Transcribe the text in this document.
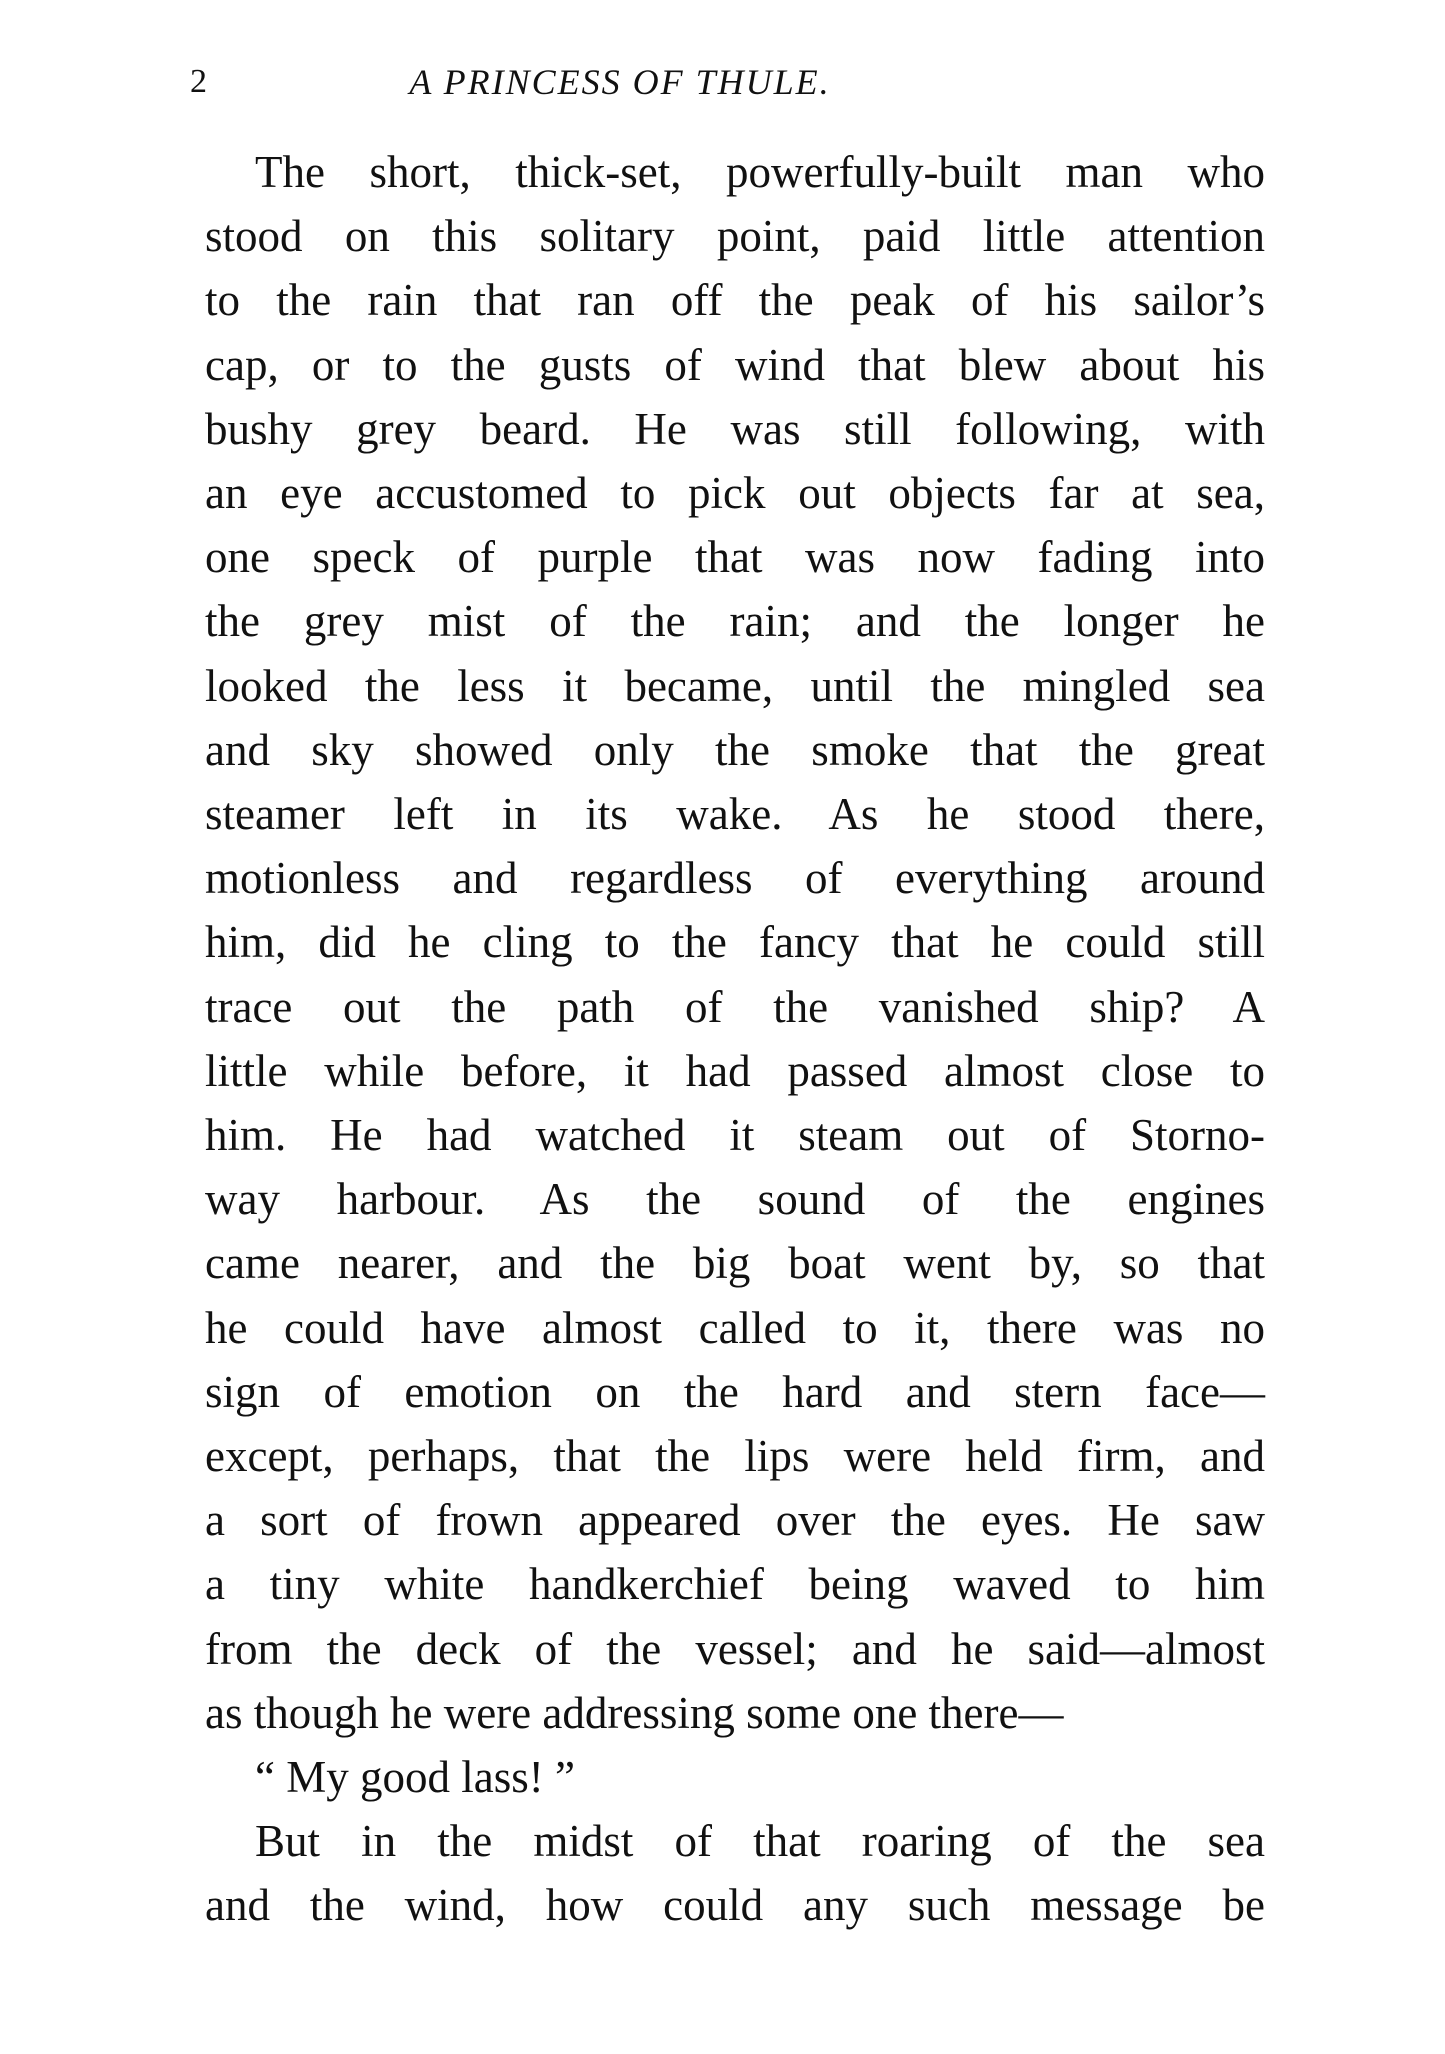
2	A PRINCESS OF THULE.
The short, thick-set, powerfully-built man who
stood on this solitary point, paid little attention
to the rain that ran off the peak of his sailor’s
cap, or to the gusts of wind that blew about his
bushy grey beard. He was still following, with
an eye accustomed to pick out objects far at sea,
one speck of purple that was now fading into
the grey mist of the rain; and the longer he
looked the less it became, until the mingled sea
and sky showed only the smoke that the great
steamer left in its wake. As he stood there,
motionless and regardless of everything around
him, did he cling to the fancy that he could still
trace out the path of the vanished ship? A
little while before, it had passed almost close to
him. He had watched it steam out of Storno-
way harbour. As the sound of the engines
came nearer, and the big boat went by, so that
he could have almost called to it, there was no
sign of emotion on the hard and stern face—
except, perhaps, that the lips were held firm, and
a sort of frown appeared over the eyes. He saw
a tiny white handkerchief being waved to him
from the deck of the vessel; and he said—almost
as though he were addressing some one there—
“ My good lass! ”
But in the midst of that roaring of the sea
and the wind, how could any such message be
